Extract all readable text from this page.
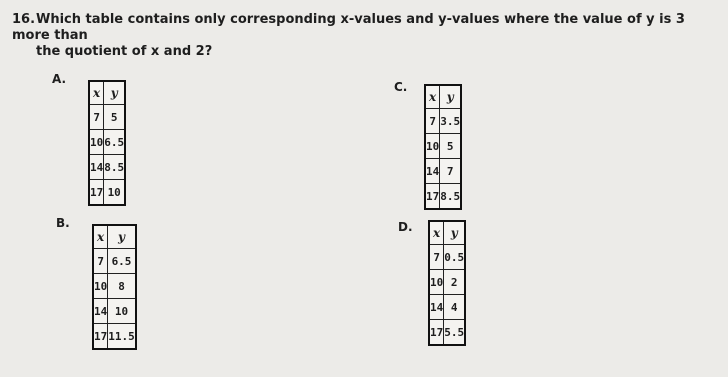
16.Which table contains only corresponding x-values and y-values where the value of y is 3 more than
the quotient of x and 2?
A.
x	y
7	5
10	6.5
14	8.5
17	10
B.
x	y
7	6.5
10	8
14	10
17	11.5
C.
x	y
7	3.5
10	5
14	7
17	8.5
D. x	y
7	0.5
10	2
14	4
17	5.5
